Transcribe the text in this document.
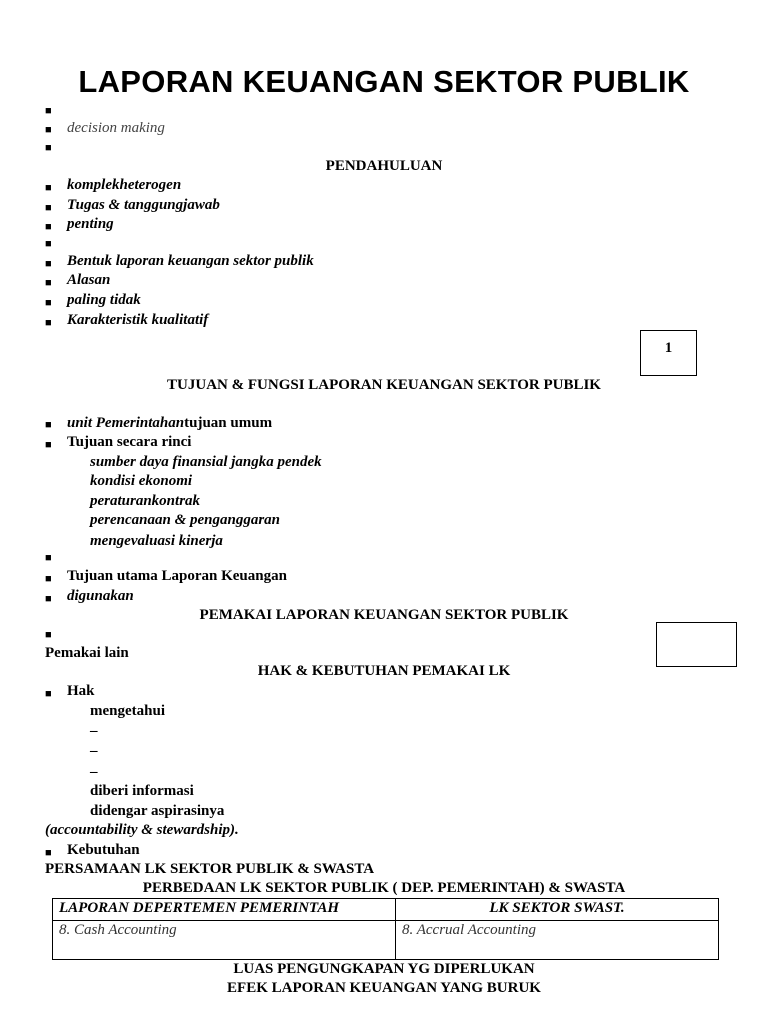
LAPORAN KEUANGAN SEKTOR PUBLIK
■
■ decision making
■
PENDAHULUAN
■ komplekheterogen
■ Tugas & tanggungjawab
■ penting
■
■ Bentuk laporan keuangan sektor publik
■ Alasan
■ paling tidak
■ Karakteristik kualitatif
1
TUJUAN & FUNGSI LAPORAN KEUANGAN SEKTOR PUBLIK
■ unit Pemerintahantujuan umum
■ Tujuan secara rinci
sumber daya finansial jangka pendek
kondisi ekonomi
peraturankontrak
perencanaan & penganggaran
mengevaluasi kinerja
■
■ Tujuan utama Laporan Keuangan
■ digunakan
PEMAKAI LAPORAN KEUANGAN SEKTOR PUBLIK
■
Pemakai lain
HAK & KEBUTUHAN PEMAKAI LK
■ Hak
mengetahui
–
–
–
diberi informasi
didengar aspirasinya
(accountability & stewardship).
■ Kebutuhan
PERSAMAAN LK SEKTOR PUBLIK & SWASTA
PERBEDAAN LK SEKTOR PUBLIK ( DEP. PEMERINTAH) & SWASTA
LAPORAN DEPERTEMEN PEMERINTAH	LK SEKTOR SWAST.
8. Cash Accounting	8. Accrual Accounting
LUAS PENGUNGKAPAN YG DIPERLUKAN
EFEK LAPORAN KEUANGAN YANG BURUK
